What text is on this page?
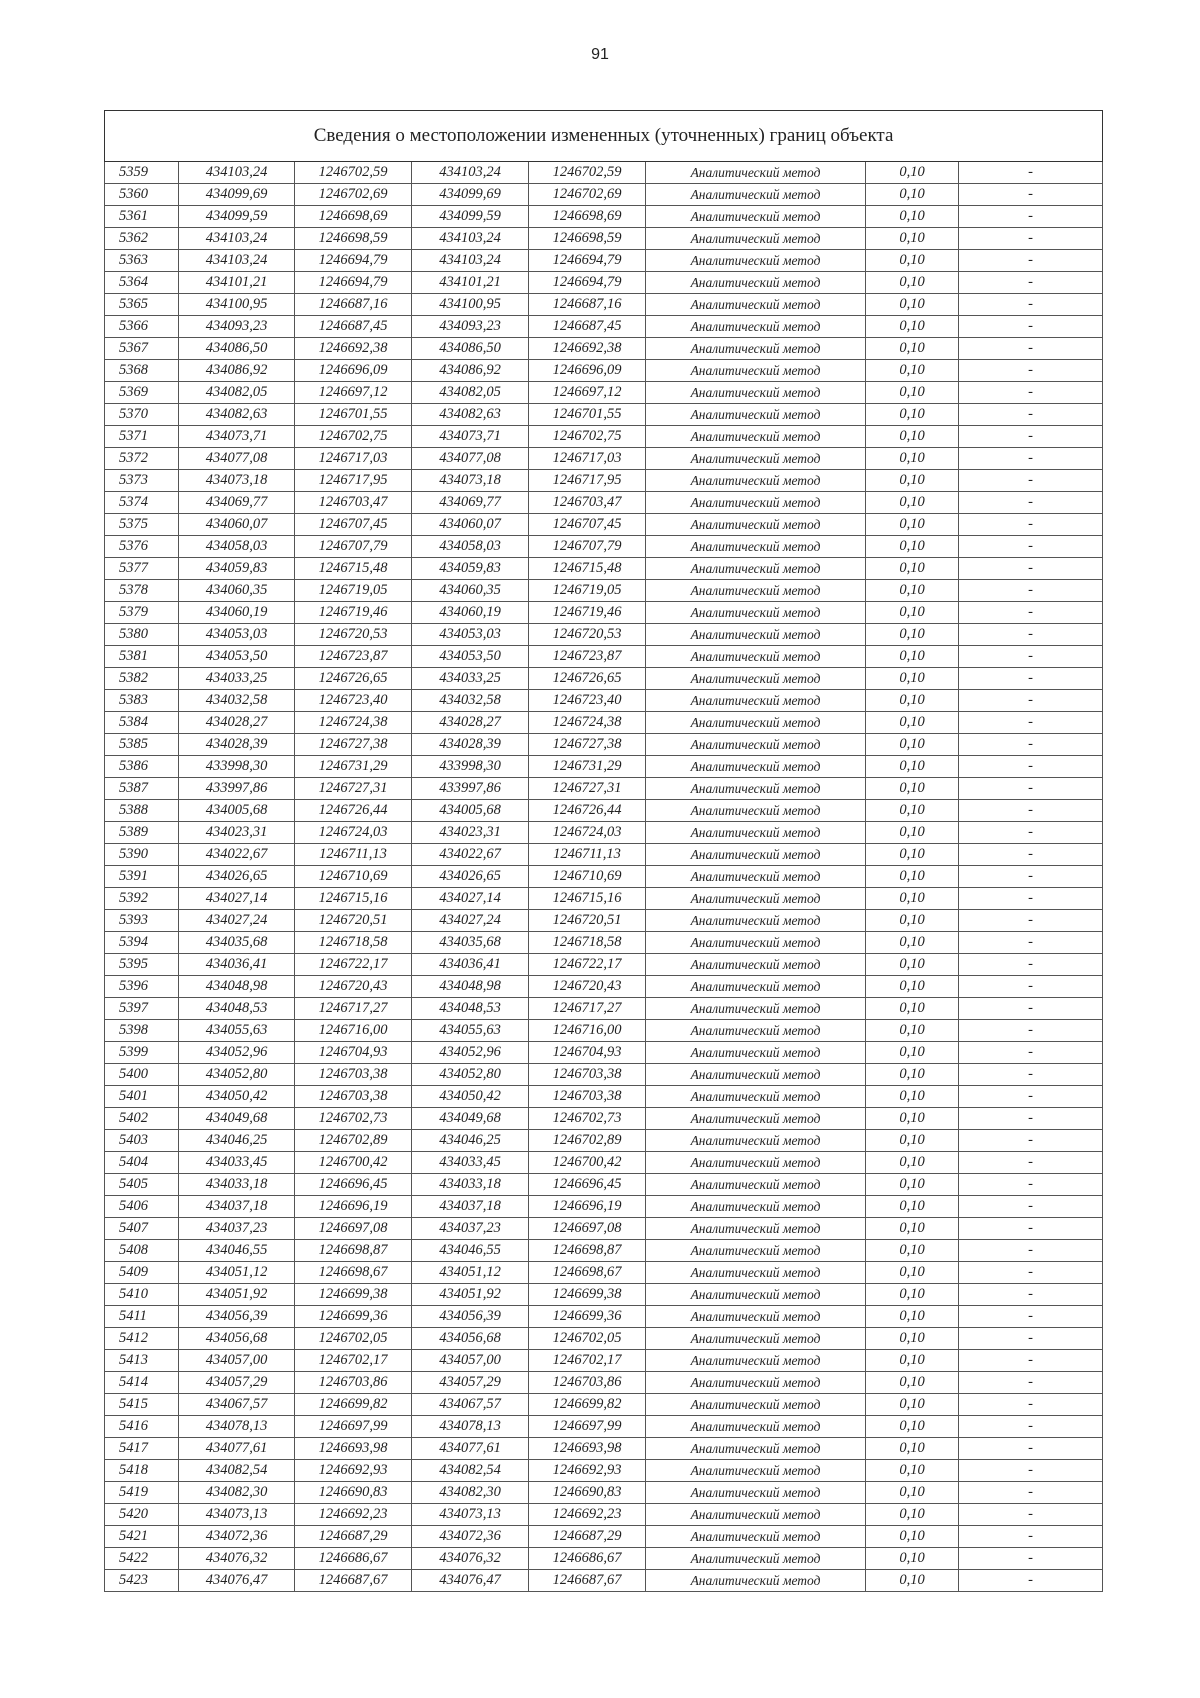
91
Сведения о местоположении измененных (уточненных) границ объекта							
5359	434103,24	1246702,59	434103,24	1246702,59	Аналитический метод	0,10	-
5360	434099,69	1246702,69	434099,69	1246702,69	Аналитический метод	0,10	-
5361	434099,59	1246698,69	434099,59	1246698,69	Аналитический метод	0,10	-
5362	434103,24	1246698,59	434103,24	1246698,59	Аналитический метод	0,10	-
5363	434103,24	1246694,79	434103,24	1246694,79	Аналитический метод	0,10	-
5364	434101,21	1246694,79	434101,21	1246694,79	Аналитический метод	0,10	-
5365	434100,95	1246687,16	434100,95	1246687,16	Аналитический метод	0,10	-
5366	434093,23	1246687,45	434093,23	1246687,45	Аналитический метод	0,10	-
5367	434086,50	1246692,38	434086,50	1246692,38	Аналитический метод	0,10	-
5368	434086,92	1246696,09	434086,92	1246696,09	Аналитический метод	0,10	-
5369	434082,05	1246697,12	434082,05	1246697,12	Аналитический метод	0,10	-
5370	434082,63	1246701,55	434082,63	1246701,55	Аналитический метод	0,10	-
5371	434073,71	1246702,75	434073,71	1246702,75	Аналитический метод	0,10	-
5372	434077,08	1246717,03	434077,08	1246717,03	Аналитический метод	0,10	-
5373	434073,18	1246717,95	434073,18	1246717,95	Аналитический метод	0,10	-
5374	434069,77	1246703,47	434069,77	1246703,47	Аналитический метод	0,10	-
5375	434060,07	1246707,45	434060,07	1246707,45	Аналитический метод	0,10	-
5376	434058,03	1246707,79	434058,03	1246707,79	Аналитический метод	0,10	-
5377	434059,83	1246715,48	434059,83	1246715,48	Аналитический метод	0,10	-
5378	434060,35	1246719,05	434060,35	1246719,05	Аналитический метод	0,10	-
5379	434060,19	1246719,46	434060,19	1246719,46	Аналитический метод	0,10	-
5380	434053,03	1246720,53	434053,03	1246720,53	Аналитический метод	0,10	-
5381	434053,50	1246723,87	434053,50	1246723,87	Аналитический метод	0,10	-
5382	434033,25	1246726,65	434033,25	1246726,65	Аналитический метод	0,10	-
5383	434032,58	1246723,40	434032,58	1246723,40	Аналитический метод	0,10	-
5384	434028,27	1246724,38	434028,27	1246724,38	Аналитический метод	0,10	-
5385	434028,39	1246727,38	434028,39	1246727,38	Аналитический метод	0,10	-
5386	433998,30	1246731,29	433998,30	1246731,29	Аналитический метод	0,10	-
5387	433997,86	1246727,31	433997,86	1246727,31	Аналитический метод	0,10	-
5388	434005,68	1246726,44	434005,68	1246726,44	Аналитический метод	0,10	-
5389	434023,31	1246724,03	434023,31	1246724,03	Аналитический метод	0,10	-
5390	434022,67	1246711,13	434022,67	1246711,13	Аналитический метод	0,10	-
5391	434026,65	1246710,69	434026,65	1246710,69	Аналитический метод	0,10	-
5392	434027,14	1246715,16	434027,14	1246715,16	Аналитический метод	0,10	-
5393	434027,24	1246720,51	434027,24	1246720,51	Аналитический метод	0,10	-
5394	434035,68	1246718,58	434035,68	1246718,58	Аналитический метод	0,10	-
5395	434036,41	1246722,17	434036,41	1246722,17	Аналитический метод	0,10	-
5396	434048,98	1246720,43	434048,98	1246720,43	Аналитический метод	0,10	-
5397	434048,53	1246717,27	434048,53	1246717,27	Аналитический метод	0,10	-
5398	434055,63	1246716,00	434055,63	1246716,00	Аналитический метод	0,10	-
5399	434052,96	1246704,93	434052,96	1246704,93	Аналитический метод	0,10	-
5400	434052,80	1246703,38	434052,80	1246703,38	Аналитический метод	0,10	-
5401	434050,42	1246703,38	434050,42	1246703,38	Аналитический метод	0,10	-
5402	434049,68	1246702,73	434049,68	1246702,73	Аналитический метод	0,10	-
5403	434046,25	1246702,89	434046,25	1246702,89	Аналитический метод	0,10	-
5404	434033,45	1246700,42	434033,45	1246700,42	Аналитический метод	0,10	-
5405	434033,18	1246696,45	434033,18	1246696,45	Аналитический метод	0,10	-
5406	434037,18	1246696,19	434037,18	1246696,19	Аналитический метод	0,10	-
5407	434037,23	1246697,08	434037,23	1246697,08	Аналитический метод	0,10	-
5408	434046,55	1246698,87	434046,55	1246698,87	Аналитический метод	0,10	-
5409	434051,12	1246698,67	434051,12	1246698,67	Аналитический метод	0,10	-
5410	434051,92	1246699,38	434051,92	1246699,38	Аналитический метод	0,10	-
5411	434056,39	1246699,36	434056,39	1246699,36	Аналитический метод	0,10	-
5412	434056,68	1246702,05	434056,68	1246702,05	Аналитический метод	0,10	-
5413	434057,00	1246702,17	434057,00	1246702,17	Аналитический метод	0,10	-
5414	434057,29	1246703,86	434057,29	1246703,86	Аналитический метод	0,10	-
5415	434067,57	1246699,82	434067,57	1246699,82	Аналитический метод	0,10	-
5416	434078,13	1246697,99	434078,13	1246697,99	Аналитический метод	0,10	-
5417	434077,61	1246693,98	434077,61	1246693,98	Аналитический метод	0,10	-
5418	434082,54	1246692,93	434082,54	1246692,93	Аналитический метод	0,10	-
5419	434082,30	1246690,83	434082,30	1246690,83	Аналитический метод	0,10	-
5420	434073,13	1246692,23	434073,13	1246692,23	Аналитический метод	0,10	-
5421	434072,36	1246687,29	434072,36	1246687,29	Аналитический метод	0,10	-
5422	434076,32	1246686,67	434076,32	1246686,67	Аналитический метод	0,10	-
5423	434076,47	1246687,67	434076,47	1246687,67	Аналитический метод	0,10	-
